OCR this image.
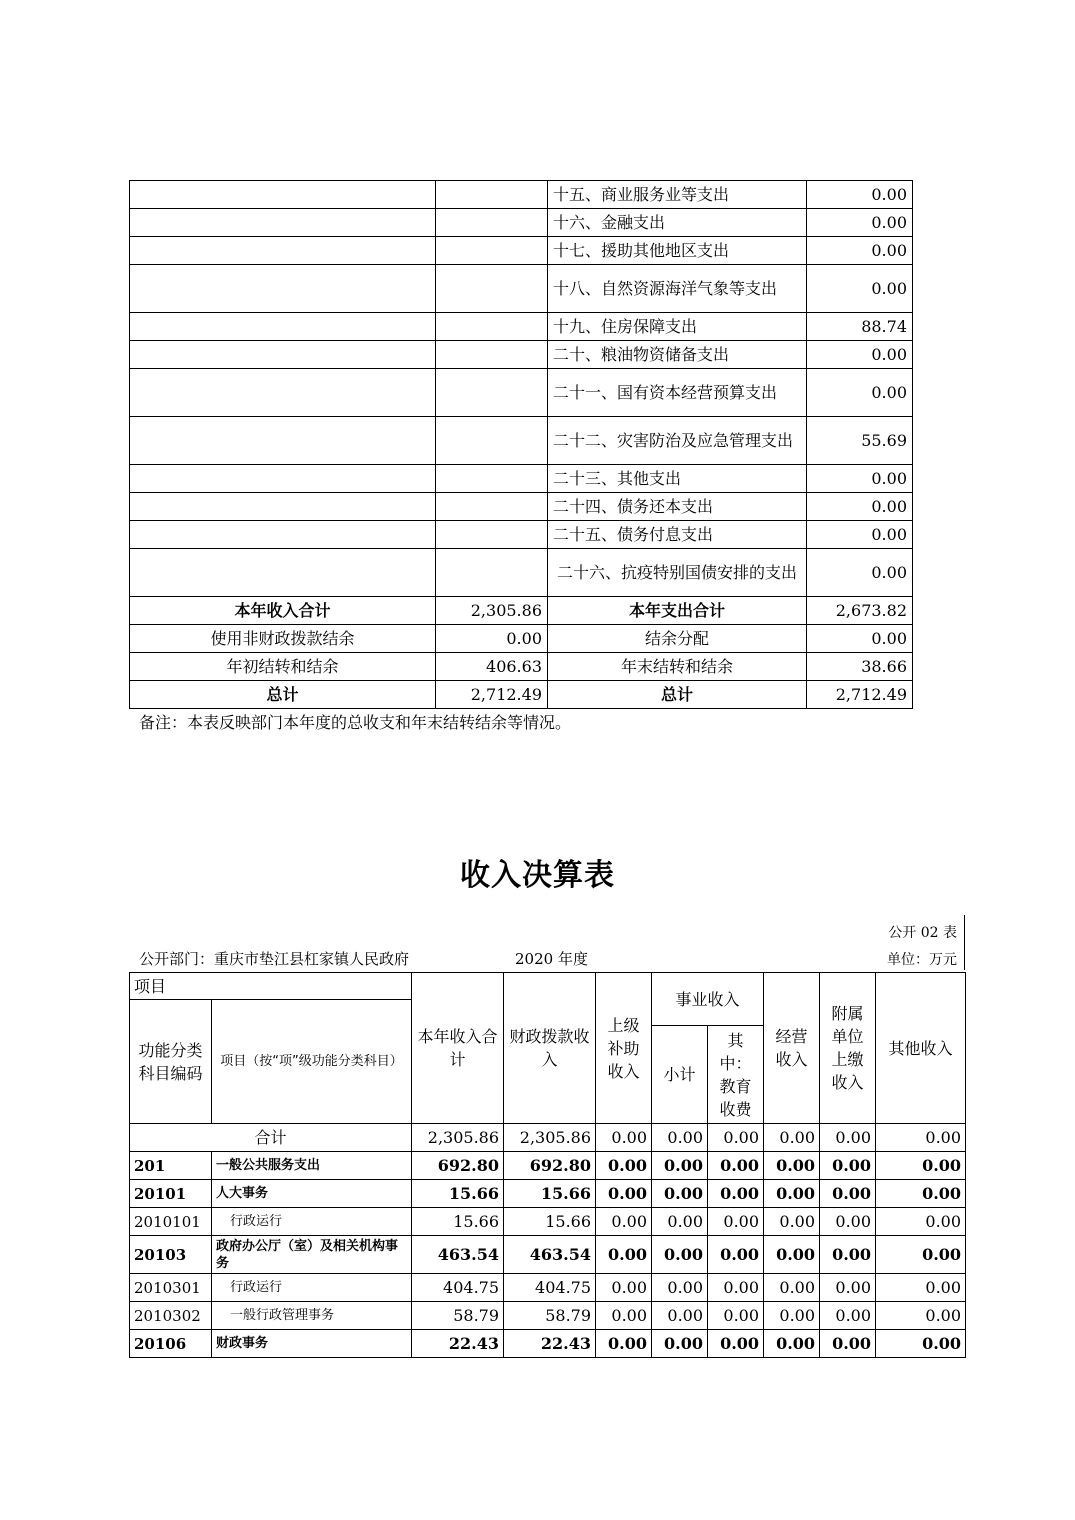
		十五、商业服务业等支出	0.00
		十六、金融支出	0.00
		十七、援助其他地区支出	0.00
		十八、自然资源海洋气象等支出	0.00
		十九、住房保障支出	88.74
		二十、粮油物资储备支出	0.00
		二十一、国有资本经营预算支出	0.00
		二十二、灾害防治及应急管理支出	55.69
		二十三、其他支出	0.00
		二十四、债务还本支出	0.00
		二十五、债务付息支出	0.00
		二十六、抗疫特别国债安排的支出	0.00
本年收入合计	2,305.86	本年支出合计	2,673.82
使用非财政拨款结余	0.00	结余分配	0.00
年初结转和结余	406.63	年末结转和结余	38.66
总计	2,712.49	总计	2,712.49
备注：本表反映部门本年度的总收支和年末结转结余等情况。
收入决算表
公开 02 表
公开部门：重庆市垫江县杠家镇人民政府	2020 年度	单位：万元
项目		本年收入合计	财政拨款收入	上级补助收入	事业收入		经营收入	附属单位上缴收入	其他收入
功能分类科目编码	项目（按“项”级功能分类科目）								
					小计	其中：教育收费			
合计		2,305.86	2,305.86	0.00	0.00	0.00	0.00	0.00	0.00
201	一般公共服务支出	692.80	692.80	0.00	0.00	0.00	0.00	0.00	0.00
20101	人大事务	15.66	15.66	0.00	0.00	0.00	0.00	0.00	0.00
2010101	行政运行	15.66	15.66	0.00	0.00	0.00	0.00	0.00	0.00
20103	政府办公厅（室）及相关机构事务	463.54	463.54	0.00	0.00	0.00	0.00	0.00	0.00
2010301	行政运行	404.75	404.75	0.00	0.00	0.00	0.00	0.00	0.00
2010302	一般行政管理事务	58.79	58.79	0.00	0.00	0.00	0.00	0.00	0.00
20106	财政事务	22.43	22.43	0.00	0.00	0.00	0.00	0.00	0.00
